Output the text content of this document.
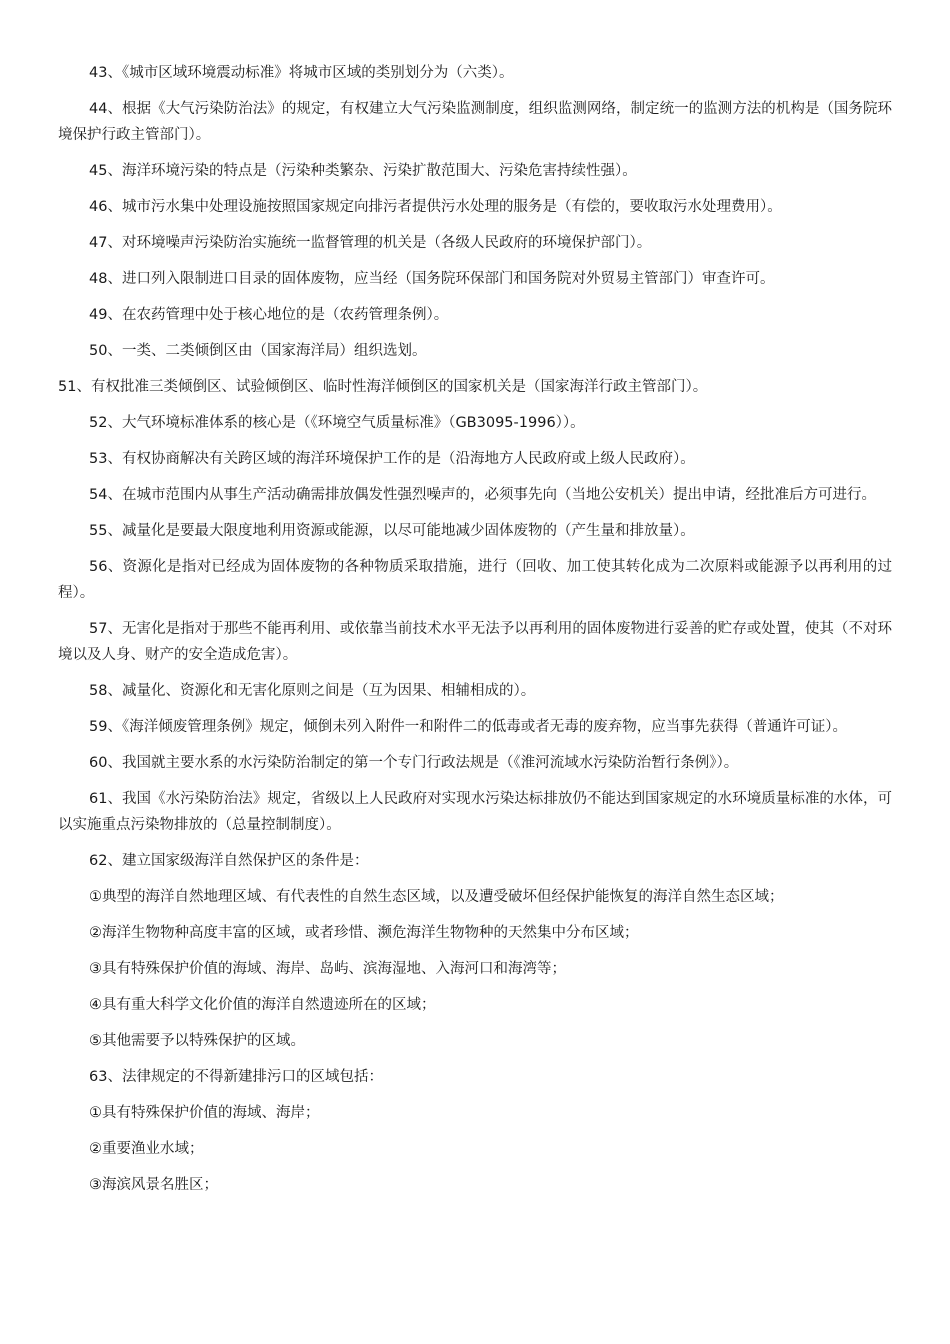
43、《城市区域环境震动标准》将城市区域的类别划分为（六类）。

44、根据《大气污染防治法》的规定，有权建立大气污染监测制度，组织监测网络，制定统一的监测方法的机构是（国务院环境保护行政主管部门）。

45、海洋环境污染的特点是（污染种类繁杂、污染扩散范围大、污染危害持续性强）。

46、城市污水集中处理设施按照国家规定向排污者提供污水处理的服务是（有偿的，要收取污水处理费用）。

47、对环境噪声污染防治实施统一监督管理的机关是（各级人民政府的环境保护部门）。

48、进口列入限制进口目录的固体废物，应当经（国务院环保部门和国务院对外贸易主管部门）审查许可。

49、在农药管理中处于核心地位的是（农药管理条例）。

50、一类、二类倾倒区由（国家海洋局）组织选划。

51、有权批准三类倾倒区、试验倾倒区、临时性海洋倾倒区的国家机关是（国家海洋行政主管部门）。

52、大气环境标准体系的核心是（《环境空气质量标准》（GB3095-1996））。

53、有权协商解决有关跨区域的海洋环境保护工作的是（沿海地方人民政府或上级人民政府）。

54、在城市范围内从事生产活动确需排放偶发性强烈噪声的，必须事先向（当地公安机关）提出申请，经批准后方可进行。

55、减量化是要最大限度地利用资源或能源，以尽可能地减少固体废物的（产生量和排放量）。

56、资源化是指对已经成为固体废物的各种物质采取措施，进行（回收、加工使其转化成为二次原料或能源予以再利用的过程）。

57、无害化是指对于那些不能再利用、或依靠当前技术水平无法予以再利用的固体废物进行妥善的贮存或处置，使其（不对环境以及人身、财产的安全造成危害）。

58、减量化、资源化和无害化原则之间是（互为因果、相辅相成的）。

59、《海洋倾废管理条例》规定，倾倒未列入附件一和附件二的低毒或者无毒的废弃物，应当事先获得（普通许可证）。

60、我国就主要水系的水污染防治制定的第一个专门行政法规是（《淮河流域水污染防治暂行条例》）。

61、我国《水污染防治法》规定，省级以上人民政府对实现水污染达标排放仍不能达到国家规定的水环境质量标准的水体，可以实施重点污染物排放的（总量控制制度）。

62、建立国家级海洋自然保护区的条件是：

①典型的海洋自然地理区域、有代表性的自然生态区域，以及遭受破坏但经保护能恢复的海洋自然生态区域；

②海洋生物物种高度丰富的区域，或者珍惜、濒危海洋生物物种的天然集中分布区域；

③具有特殊保护价值的海域、海岸、岛屿、滨海湿地、入海河口和海湾等；

④具有重大科学文化价值的海洋自然遗迹所在的区域；

⑤其他需要予以特殊保护的区域。

63、法律规定的不得新建排污口的区域包括：

①具有特殊保护价值的海域、海岸；

②重要渔业水域；

③海滨风景名胜区；
